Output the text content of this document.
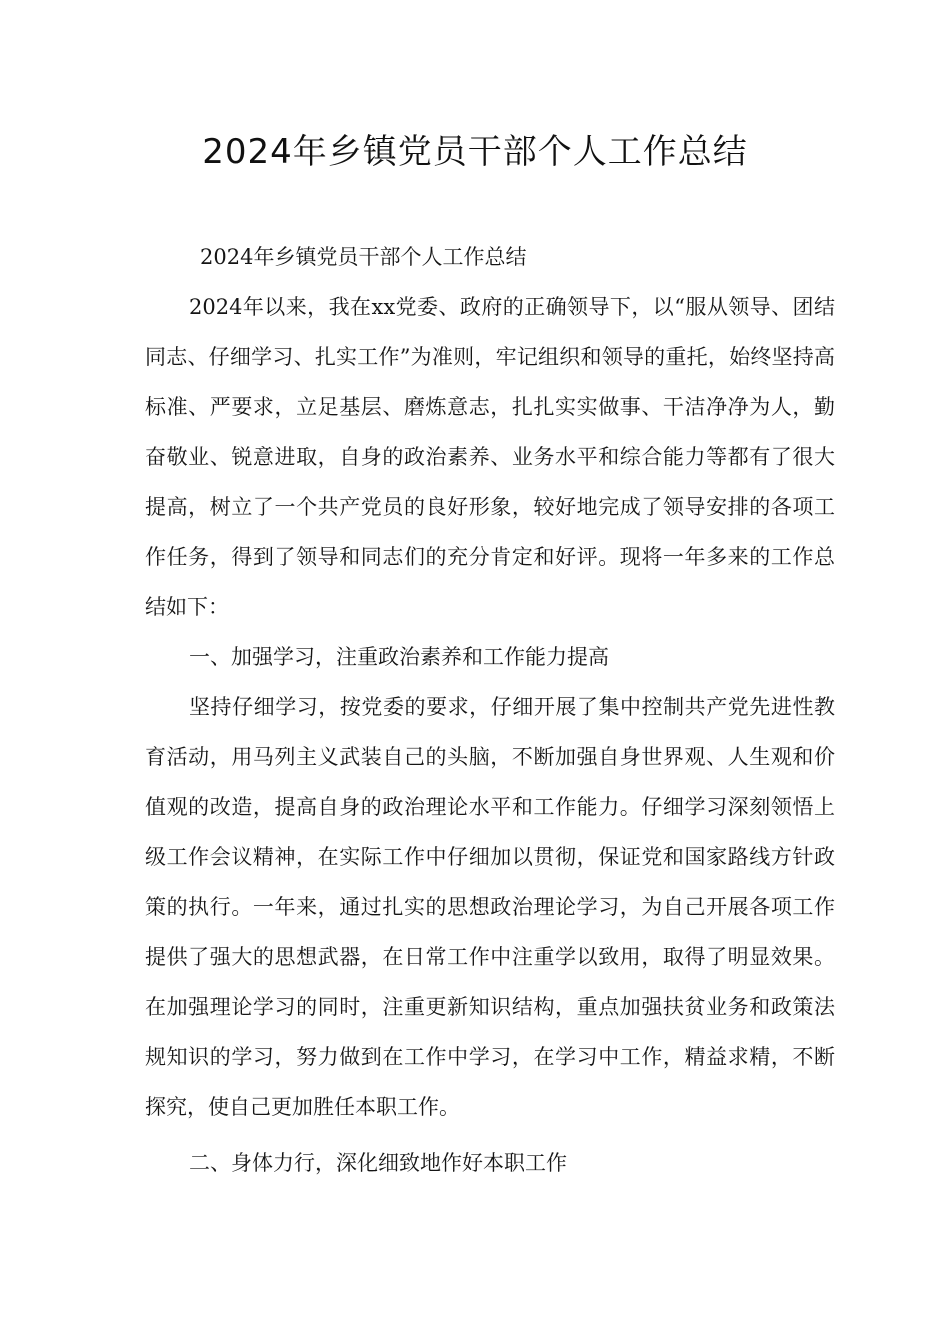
2024年乡镇党员干部个人工作总结

2024年乡镇党员干部个人工作总结

2024年以来，我在xx党委、政府的正确领导下，以“服从领导、团结同志、仔细学习、扎实工作”为准则，牢记组织和领导的重托，始终坚持高标准、严要求，立足基层、磨炼意志，扎扎实实做事、干洁净净为人，勤奋敬业、锐意进取，自身的政治素养、业务水平和综合能力等都有了很大提高，树立了一个共产党员的良好形象，较好地完成了领导安排的各项工作任务，得到了领导和同志们的充分肯定和好评。现将一年多来的工作总结如下：

一、加强学习，注重政治素养和工作能力提高

坚持仔细学习，按党委的要求，仔细开展了集中控制共产党先进性教育活动，用马列主义武装自己的头脑，不断加强自身世界观、人生观和价值观的改造，提高自身的政治理论水平和工作能力。仔细学习深刻领悟上级工作会议精神，在实际工作中仔细加以贯彻，保证党和国家路线方针政策的执行。一年来，通过扎实的思想政治理论学习，为自己开展各项工作提供了强大的思想武器，在日常工作中注重学以致用，取得了明显效果。在加强理论学习的同时，注重更新知识结构，重点加强扶贫业务和政策法规知识的学习，努力做到在工作中学习，在学习中工作，精益求精，不断探究，使自己更加胜任本职工作。

二、身体力行，深化细致地作好本职工作
